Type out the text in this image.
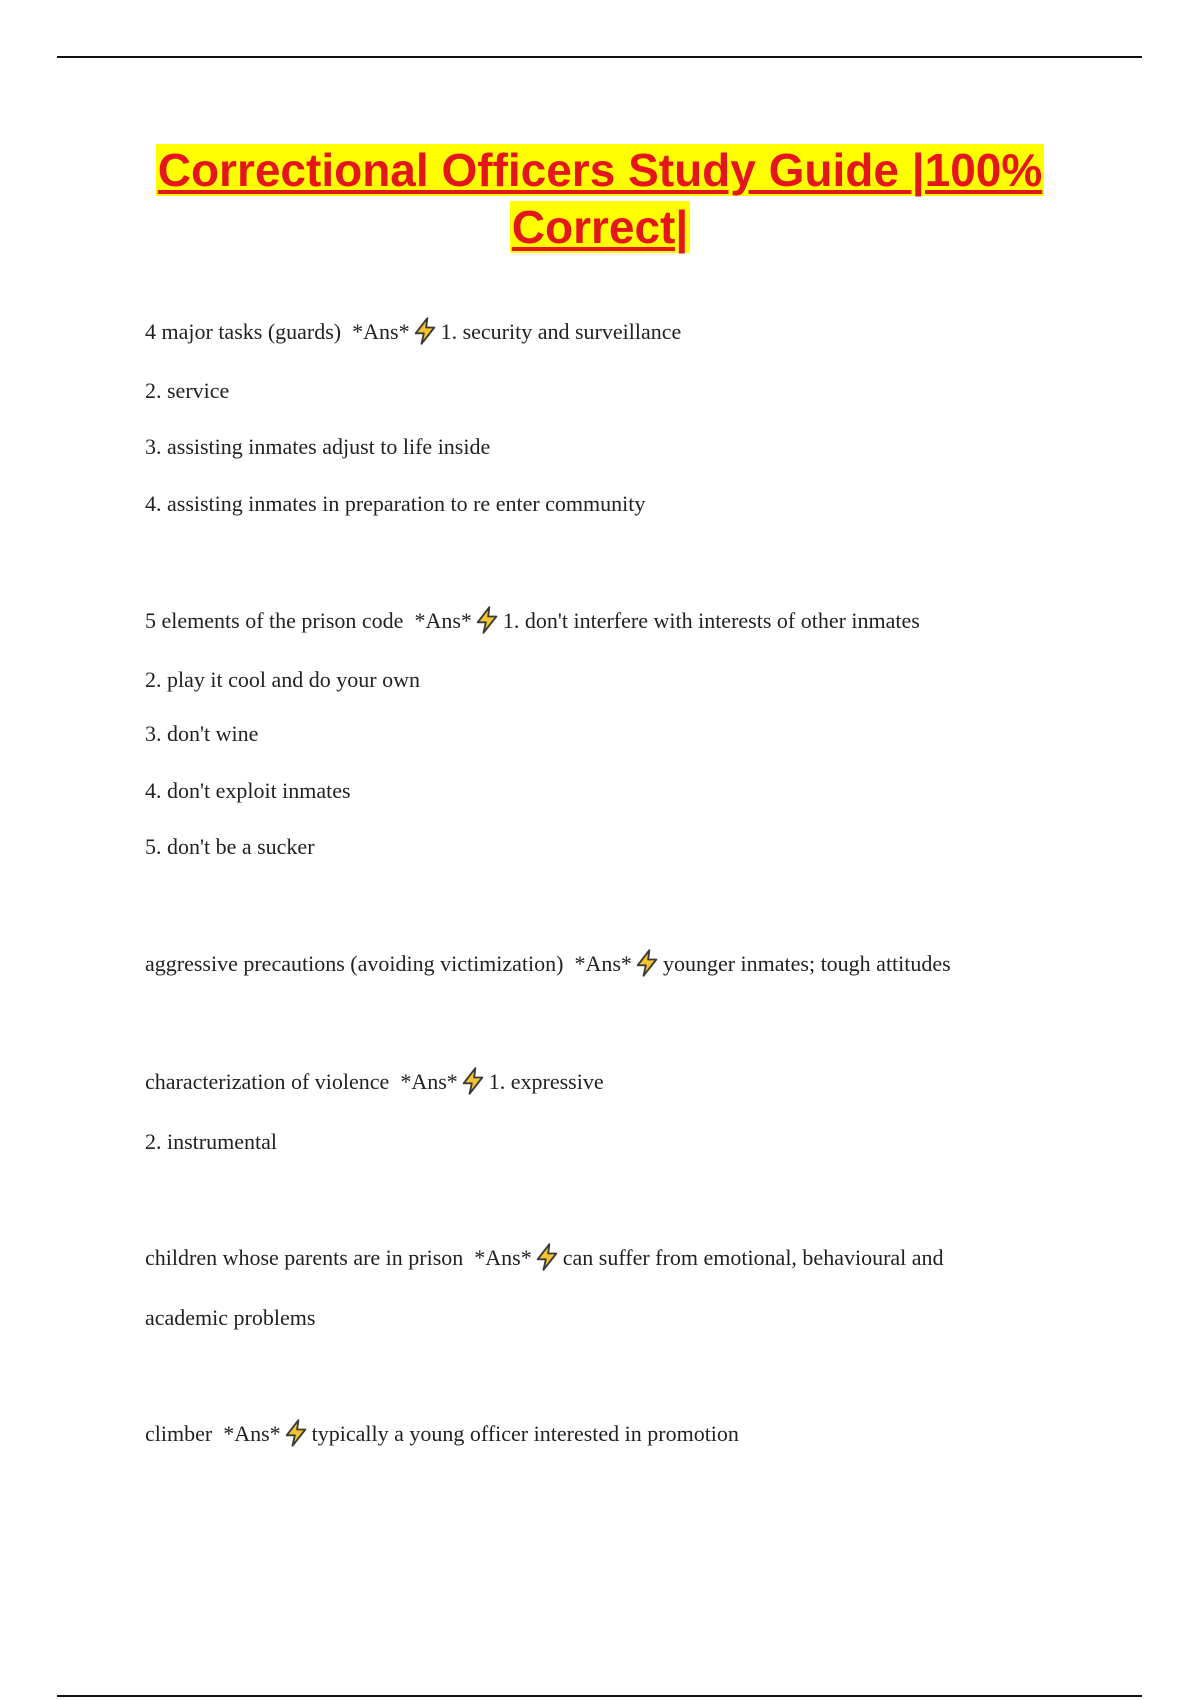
Correctional Officers Study Guide |100% Correct|
4 major tasks (guards) *Ans* 1. security and surveillance
2. service
3. assisting inmates adjust to life inside
4. assisting inmates in preparation to re enter community
5 elements of the prison code *Ans* 1. don't interfere with interests of other inmates
2. play it cool and do your own
3. don't wine
4. don't exploit inmates
5. don't be a sucker
aggressive precautions (avoiding victimization) *Ans* younger inmates; tough attitudes
characterization of violence *Ans* 1. expressive
2. instrumental
children whose parents are in prison *Ans* can suffer from emotional, behavioural and
academic problems
climber *Ans* typically a young officer interested in promotion
